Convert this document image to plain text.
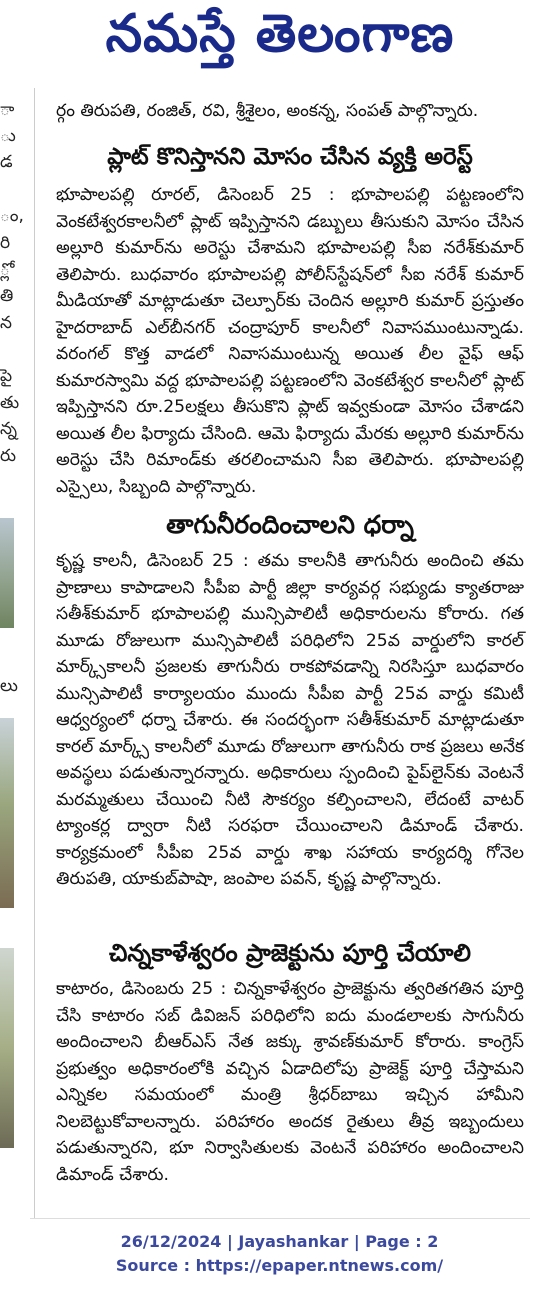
నమస్తే తెలంగాణ
ా
ు
డ
ం,
రి
్లో
తి
న
పై
తు
న్న
రు
లు

ర్గం తిరుపతి, రంజిత్, రవి, శ్రీశైలం, అంకన్న, సంపత్ పాల్గొన్నారు.

ప్లాట్ కొనిస్తానని మోసం చేసిన వ్యక్తి అరెస్ట్

భూపాలపల్లి రూరల్, డిసెంబర్ 25 : భూపాలపల్లి పట్టణంలోని వెంకటేశ్వరకాలనీలో ప్లాట్ ఇప్పిస్తానని డబ్బులు తీసుకుని మోసం చేసిన అల్లూరి కుమార్‌ను అరెస్టు చేశామని భూపాలపల్లి సీఐ నరేశ్‌కుమార్ తెలిపారు. బుధవారం భూపాలపల్లి పోలీస్‌స్టేషన్‌లో సీఐ నరేశ్ కుమార్ మీడియాతో మాట్లాడుతూ చెల్పూర్‌కు చెందిన అల్లూరి కుమార్ ప్రస్తుతం హైదరాబాద్ ఎల్‌బీనగర్ చంద్రాపూర్ కాలనీలో నివాసముంటున్నాడు. వరంగల్ కొత్త వాడలో నివాసముంటున్న అయిత లీల వైఫ్ ఆఫ్ కుమారస్వామి వద్ద భూపాలపల్లి పట్టణంలోని వెంకటేశ్వర కాలనీలో ప్లాట్ ఇప్పిస్తానని రూ.25లక్షలు తీసుకొని ప్లాట్ ఇవ్వకుండా మోసం చేశాడని అయిత లీల ఫిర్యాదు చేసింది. ఆమె ఫిర్యాదు మేరకు అల్లూరి కుమార్‌ను అరెస్టు చేసి రిమాండ్‌కు తరలించామని సీఐ తెలిపారు. భూపాలపల్లి ఎస్సైలు, సిబ్బంది పాల్గొన్నారు.

తాగునీరందించాలని ధర్నా

కృష్ణ కాలనీ, డిసెంబర్ 25 : తమ కాలనీకి తాగునీరు అందించి తమ ప్రాణాలు కాపాడాలని సీపీఐ పార్టీ జిల్లా కార్యవర్గ సభ్యుడు క్యాతరాజు సతీశ్‌కుమార్ భూపాలపల్లి మున్సిపాలిటీ అధికారులను కోరారు. గత మూడు రోజులుగా మున్సిపాలిటీ పరిధిలోని 25వ వార్డులోని కారల్ మార్క్స్‌కాలనీ ప్రజలకు తాగునీరు రాకపోవడాన్ని నిరసిస్తూ బుధవారం మున్సిపాలిటీ కార్యాలయం ముందు సీపీఐ పార్టీ 25వ వార్డు కమిటీ ఆధ్వర్యంలో ధర్నా చేశారు. ఈ సందర్భంగా సతీశ్‌కుమార్ మాట్లాడుతూ కారల్ మార్క్స్ కాలనీలో మూడు రోజులుగా తాగునీరు రాక ప్రజలు అనేక అవస్థలు పడుతున్నారన్నారు. అధికారులు స్పందించి పైప్‌లైన్‌కు వెంటనే మరమ్మతులు చేయించి నీటి సౌకర్యం కల్పించాలని, లేదంటే వాటర్ ట్యాంకర్ల ద్వారా నీటి సరఫరా చేయించాలని డిమాండ్ చేశారు. కార్యక్రమంలో సీపీఐ 25వ వార్డు శాఖ సహాయ కార్యదర్శి గోనెల తిరుపతి, యాకుబ్‌పాషా, జంపాల పవన్, కృష్ణ పాల్గొన్నారు.

చిన్నకాళేశ్వరం ప్రాజెక్టును పూర్తి చేయాలి

కాటారం, డిసెంబరు 25 : చిన్నకాళేశ్వరం ప్రాజెక్టును త్వరితగతిన పూర్తి చేసి కాటారం సబ్ డివిజన్ పరిధిలోని ఐదు మండలాలకు సాగునీరు అందించాలని బీఆర్‌ఎస్ నేత జక్కు శ్రావణ్‌కుమార్ కోరారు. కాంగ్రెస్ ప్రభుత్వం అధికారంలోకి వచ్చిన ఏడాదిలోపు ప్రాజెక్ట్ పూర్తి చేస్తామని ఎన్నికల సమయంలో మంత్రి శ్రీధర్‌బాబు ఇచ్చిన హామీని నిలబెట్టుకోవాలన్నారు. పరిహారం అందక రైతులు తీవ్ర ఇబ్బందులు పడుతున్నారని, భూ నిర్వాసితులకు వెంటనే పరిహారం అందించాలని డిమాండ్ చేశారు.

26/12/2024 | Jayashankar | Page : 2
Source : https://epaper.ntnews.com/
